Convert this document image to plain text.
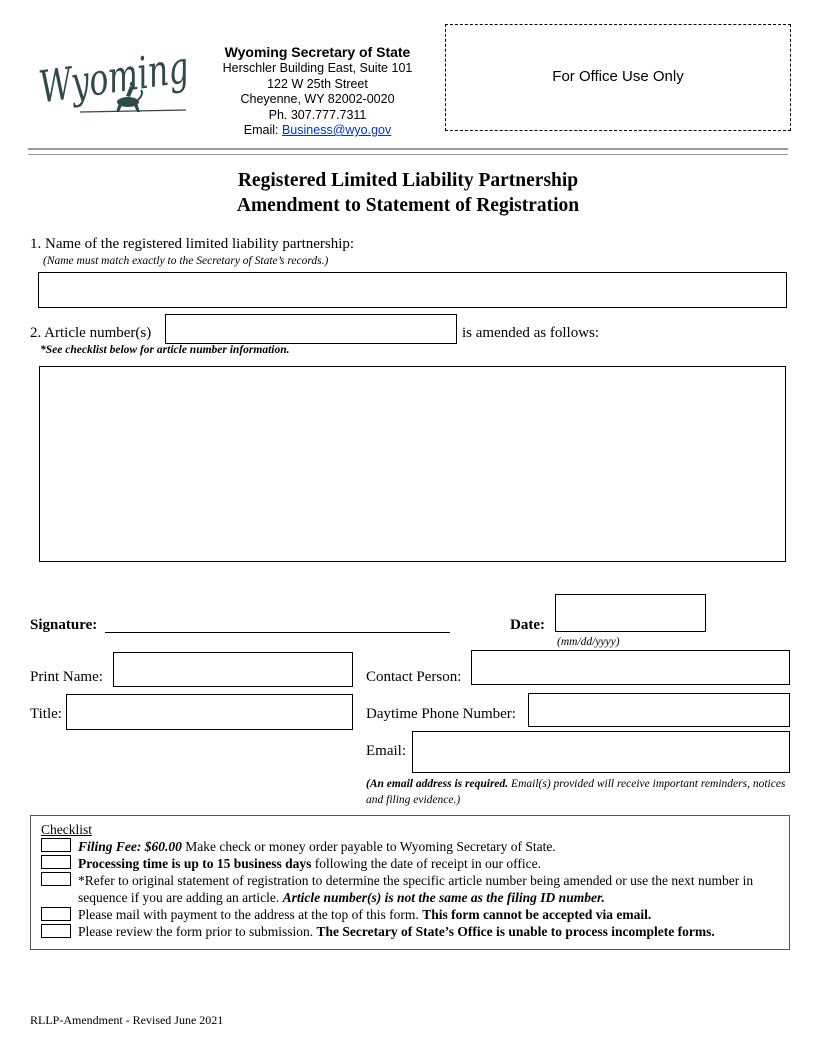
Wyoming
Wyoming Secretary of State
Herschler Building East, Suite 101
122 W 25th Street
Cheyenne, WY 82002-0020
Ph. 307.777.7311
Email: Business@wyo.gov
For Office Use Only
Registered Limited Liability Partnership
Amendment to Statement of Registration
1. Name of the registered limited liability partnership:
(Name must match exactly to the Secretary of State’s records.)
2. Article number(s)	is amended as follows:
*See checklist below for article number information.
Signature:	Date:
(mm/dd/yyyy)
Print Name:
Title:
Contact Person:
Daytime Phone Number:
Email:
(An email address is required. Email(s) provided will receive important reminders, notices and filing evidence.)
Checklist
Filing Fee: $60.00 Make check or money order payable to Wyoming Secretary of State.
Processing time is up to 15 business days following the date of receipt in our office.
*Refer to original statement of registration to determine the specific article number being amended or use the next number in sequence if you are adding an article. Article number(s) is not the same as the filing ID number.
Please mail with payment to the address at the top of this form. This form cannot be accepted via email.
Please review the form prior to submission. The Secretary of State’s Office is unable to process incomplete forms.
RLLP-Amendment - Revised June 2021
